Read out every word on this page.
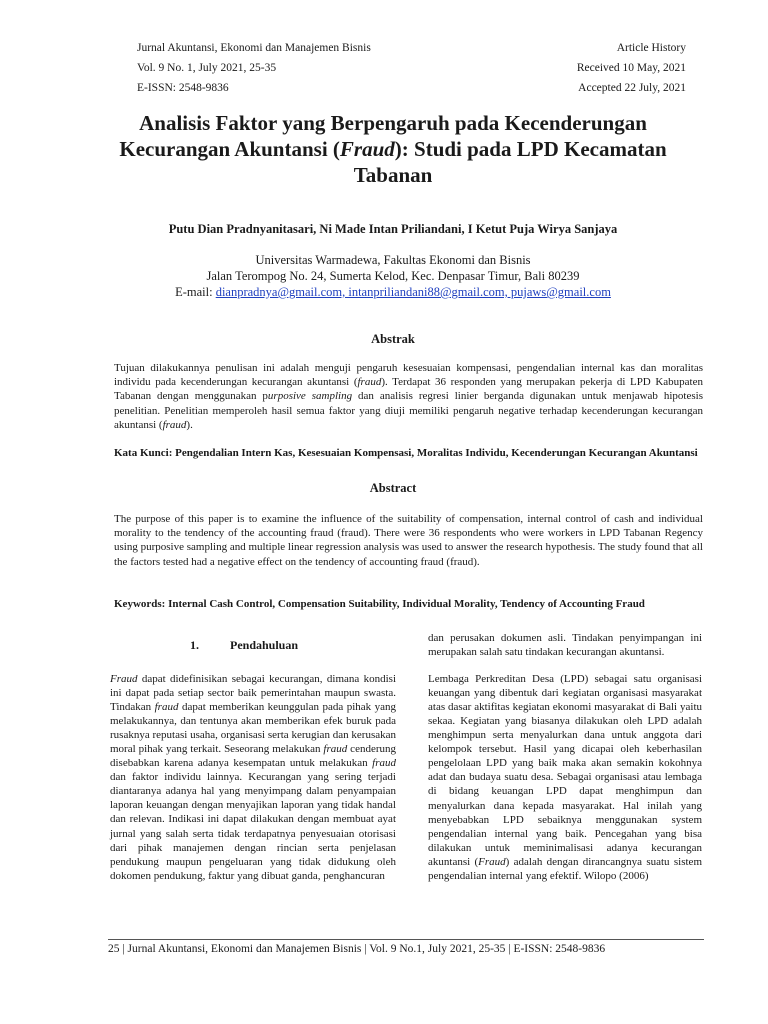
Jurnal Akuntansi, Ekonomi dan Manajemen Bisnis
Vol. 9 No. 1, July 2021, 25-35
E-ISSN: 2548-9836
Article History
Received 10 May, 2021
Accepted 22 July, 2021
Analisis Faktor yang Berpengaruh pada Kecenderungan Kecurangan Akuntansi (Fraud): Studi pada LPD Kecamatan Tabanan
Putu Dian Pradnyanitasari, Ni Made Intan Priliandani, I Ketut Puja Wirya Sanjaya
Universitas Warmadewa, Fakultas Ekonomi dan Bisnis
Jalan Terompog No. 24, Sumerta Kelod, Kec. Denpasar Timur, Bali 80239
E-mail: dianpradnya@gmail.com, intanpriliandani88@gmail.com, pujaws@gmail.com
Abstrak
Tujuan dilakukannya penulisan ini adalah menguji pengaruh kesesuaian kompensasi, pengendalian internal kas dan moralitas individu pada kecenderungan kecurangan akuntansi (fraud). Terdapat 36 responden yang merupakan pekerja di LPD Kabupaten Tabanan dengan menggunakan purposive sampling dan analisis regresi linier berganda digunakan untuk menjawab hipotesis penelitian. Penelitian memperoleh hasil semua faktor yang diuji memiliki pengaruh negative terhadap kecenderungan kecurangan akuntansi (fraud).
Kata Kunci: Pengendalian Intern Kas, Kesesuaian Kompensasi, Moralitas Individu, Kecenderungan Kecurangan Akuntansi
Abstract
The purpose of this paper is to examine the influence of the suitability of compensation, internal control of cash and individual morality to the tendency of the accounting fraud (fraud). There were 36 respondents who were workers in LPD Tabanan Regency using purposive sampling and multiple linear regression analysis was used to answer the research hypothesis. The study found that all the factors tested had a negative effect on the tendency of accounting fraud (fraud).
Keywords: Internal Cash Control, Compensation Suitability, Individual Morality, Tendency of Accounting Fraud
1.	Pendahuluan

Fraud dapat didefinisikan sebagai kecurangan, dimana kondisi ini dapat pada setiap sector baik pemerintahan maupun swasta. Tindakan fraud dapat memberikan keunggulan pada pihak yang melakukannya, dan tentunya akan memberikan efek buruk pada rusaknya reputasi usaha, organisasi serta kerugian dan kerusakan moral pihak yang terkait. Seseorang melakukan fraud cenderung disebabkan karena adanya kesempatan untuk melakukan fraud dan faktor individu lainnya. Kecurangan yang sering terjadi diantaranya adanya hal yang menyimpang dalam penyampaian laporan keuangan dengan menyajikan laporan yang tidak handal dan relevan. Indikasi ini dapat dilakukan dengan membuat ayat jurnal yang salah serta tidak terdapatnya penyesuaian otorisasi dari pihak manajemen dengan rincian serta penjelasan pendukung maupun pengeluaran yang tidak didukung oleh dokomen pendukung, faktur yang dibuat ganda, penghancuran

dan perusakan dokumen asli. Tindakan penyimpangan ini merupakan salah satu tindakan kecurangan akuntansi.

Lembaga Perkreditan Desa (LPD) sebagai satu organisasi keuangan yang dibentuk dari kegiatan organisasi masyarakat atas dasar aktifitas kegiatan ekonomi masyarakat di Bali yaitu sekaa. Kegiatan yang biasanya dilakukan oleh LPD adalah menghimpun serta menyalurkan dana untuk anggota dari kelompok tersebut. Hasil yang dicapai oleh keberhasilan pengelolaan LPD yang baik maka akan semakin kokohnya adat dan budaya suatu desa. Sebagai organisasi atau lembaga di bidang keuangan LPD dapat menghimpun dan menyalurkan dana kepada masyarakat. Hal inilah yang menyebabkan LPD sebaiknya menggunakan system pengendalian internal yang baik. Pencegahan yang bisa dilakukan untuk meminimalisasi adanya kecurangan akuntansi (Fraud) adalah dengan dirancangnya suatu sistem pengendalian internal yang efektif. Wilopo (2006)

25 | Jurnal Akuntansi, Ekonomi dan Manajemen Bisnis | Vol. 9 No.1, July 2021, 25-35 | E-ISSN: 2548-9836
